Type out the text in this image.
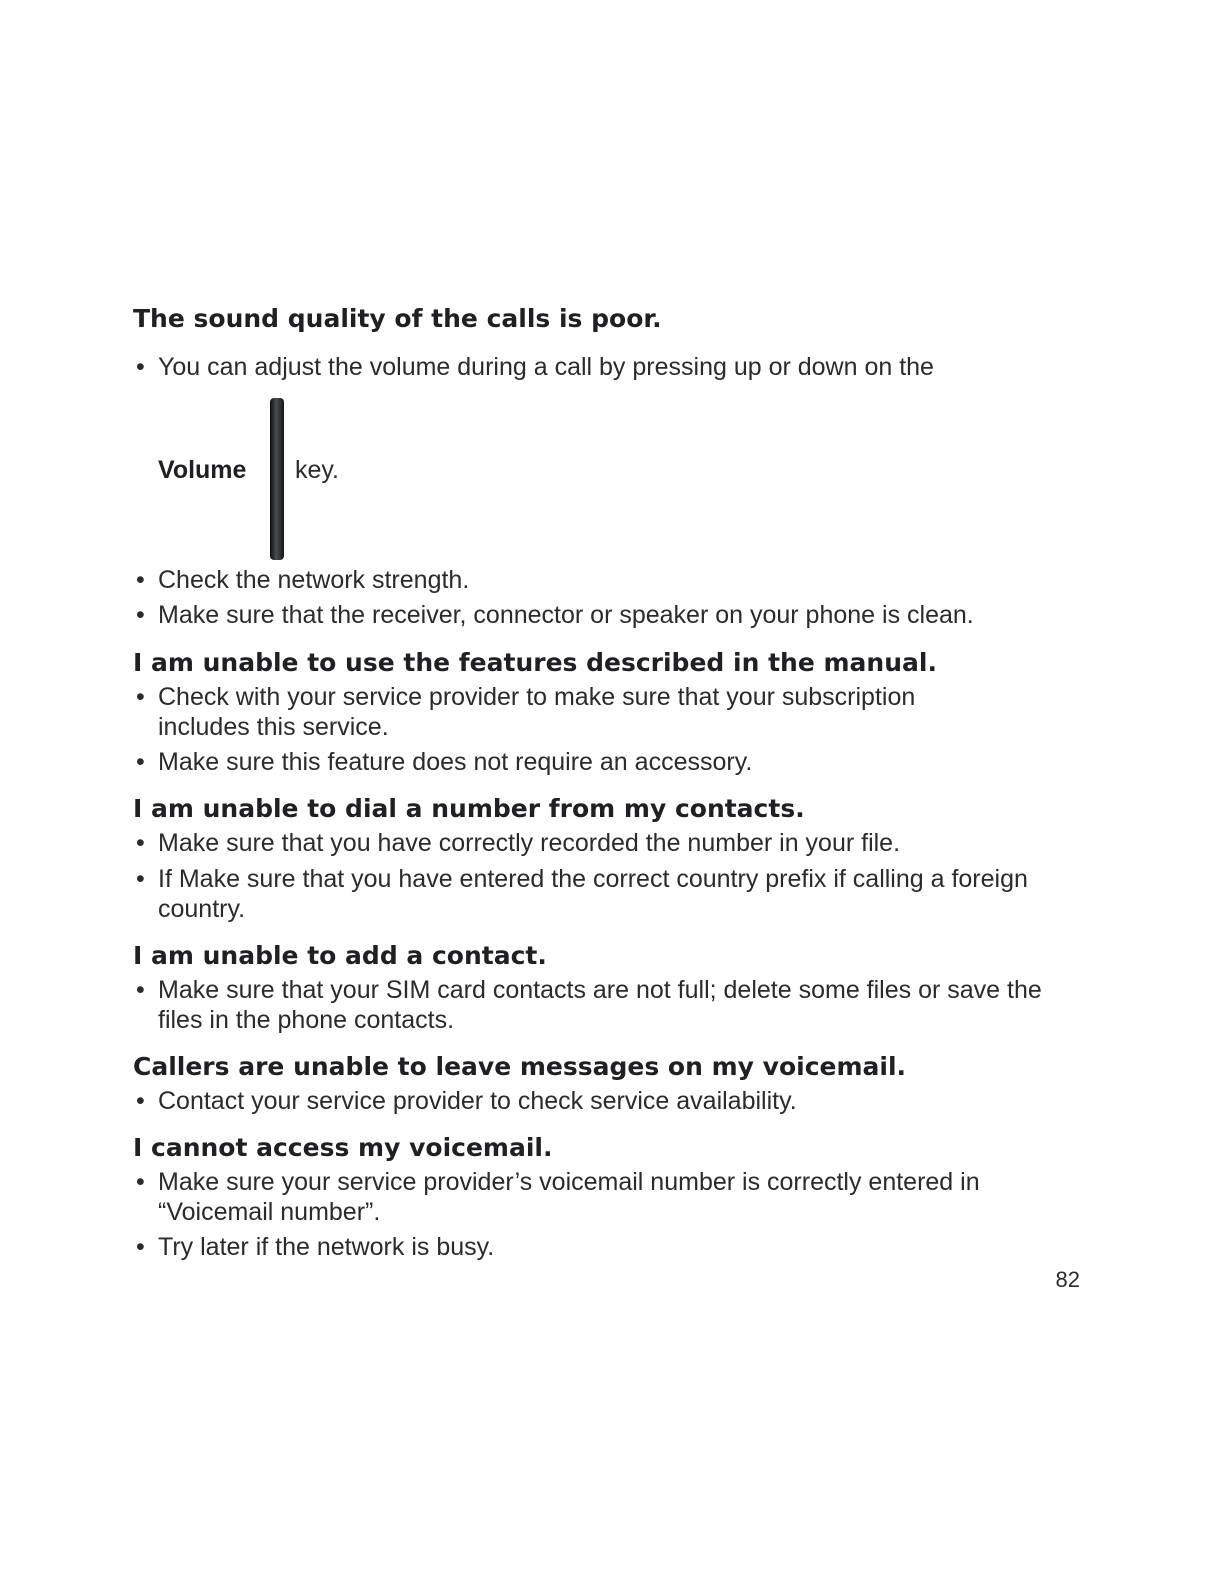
The sound quality of the calls is poor.
• You can adjust the volume during a call by pressing up or down on the
Volume key.
• Check the network strength.
• Make sure that the receiver, connector or speaker on your phone is clean.
I am unable to use the features described in the manual.
• Check with your service provider to make sure that your subscription includes this service.
• Make sure this feature does not require an accessory.
I am unable to dial a number from my contacts.
• Make sure that you have correctly recorded the number in your file.
• If Make sure that you have entered the correct country prefix if calling a foreign country.
I am unable to add a contact.
• Make sure that your SIM card contacts are not full; delete some files or save the files in the phone contacts.
Callers are unable to leave messages on my voicemail.
• Contact your service provider to check service availability.
I cannot access my voicemail.
• Make sure your service provider’s voicemail number is correctly entered in “Voicemail number”.
• Try later if the network is busy.
82
